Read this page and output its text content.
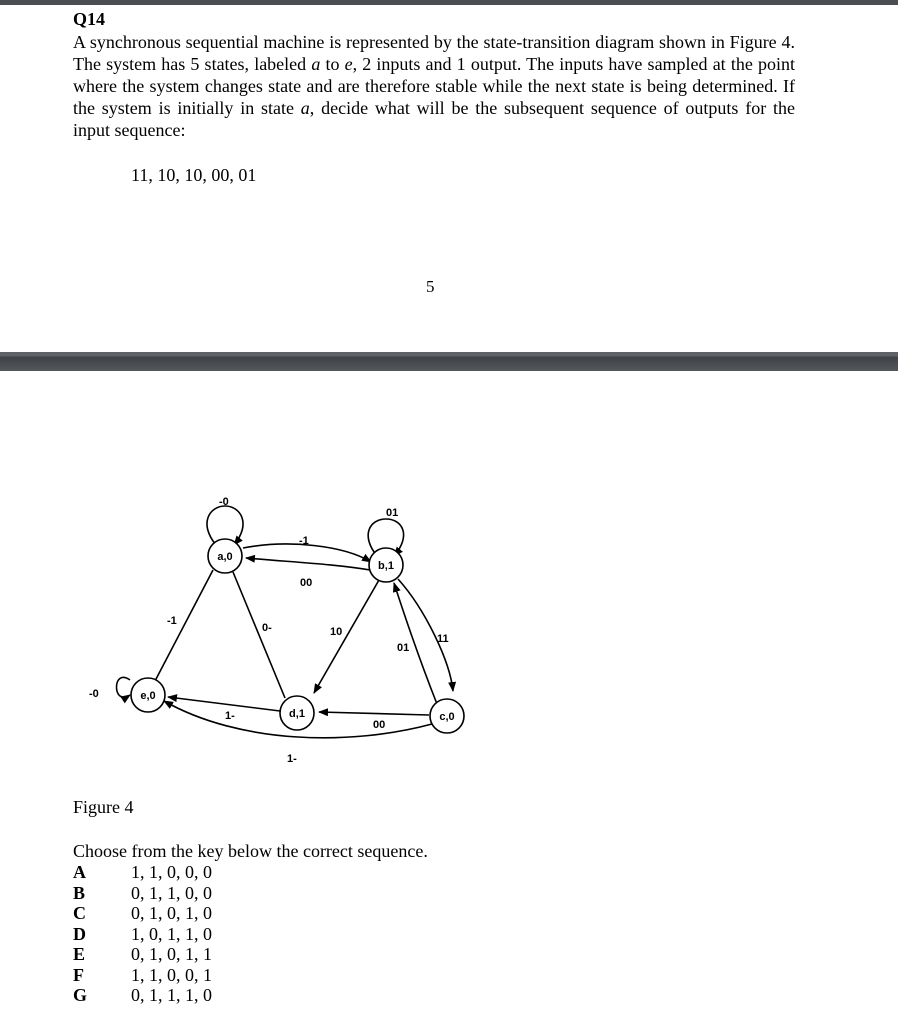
Q14
A synchronous sequential machine is represented by the state-transition diagram shown in Figure 4. The system has 5 states, labeled a to e, 2 inputs and 1 output. The inputs have sampled at the point where the system changes state and are therefore stable while the next state is being determined. If the system is initially in state a, decide what will be the subsequent sequence of outputs for the input sequence:
11, 10, 10, 00, 01
5
a,0
b,1
c,0
d,1
e,0
-0
01
-0
-1
00
-1
0-	10
01
11
1-
00
1-
Figure 4
Choose from the key below the correct sequence.
A	1, 1, 0, 0, 0
B	0, 1, 1, 0, 0
C	0, 1, 0, 1, 0
D	1, 0, 1, 1, 0
E	0, 1, 0, 1, 1
F	1, 1, 0, 0, 1
G	0, 1, 1, 1, 0
